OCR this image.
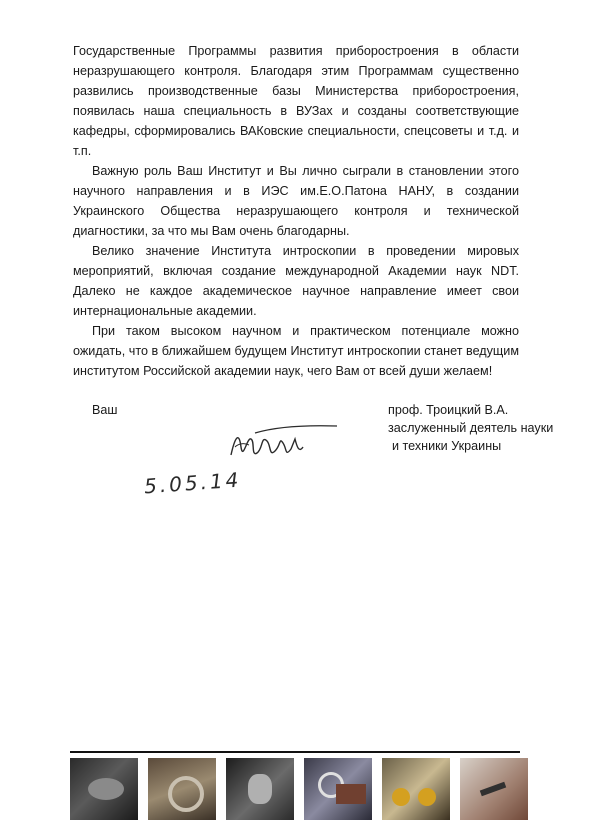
Государственные Программы развития приборостроения в области неразрушающего контроля. Благодаря этим Программам существенно развились производственные базы Министерства приборостроения, появилась наша специальность в ВУЗах и созданы соответствующие кафедры, сформировались ВАКовские специальности, спецсоветы и т.д. и т.п.

Важную роль Ваш Институт и Вы лично сыграли в становлении этого научного направления и в ИЭС им.Е.О.Патона НАНУ, в создании Украинского Общества неразрушающего контроля и технической диагностики, за что мы Вам очень благодарны.

Велико значение Института интроскопии в проведении мировых мероприятий, включая создание международной Академии наук NDT. Далеко не каждое академическое научное направление имеет свои интернациональные академии.

При таком высоком научном и практическом потенциале можно ожидать, что в ближайшем будущем Институт интроскопии станет ведущим институтом Российской академии наук, чего Вам от всей души желаем!

Ваш	проф. Троицкий В.А.
заслуженный деятель науки
и техники Украины
5.05.14
